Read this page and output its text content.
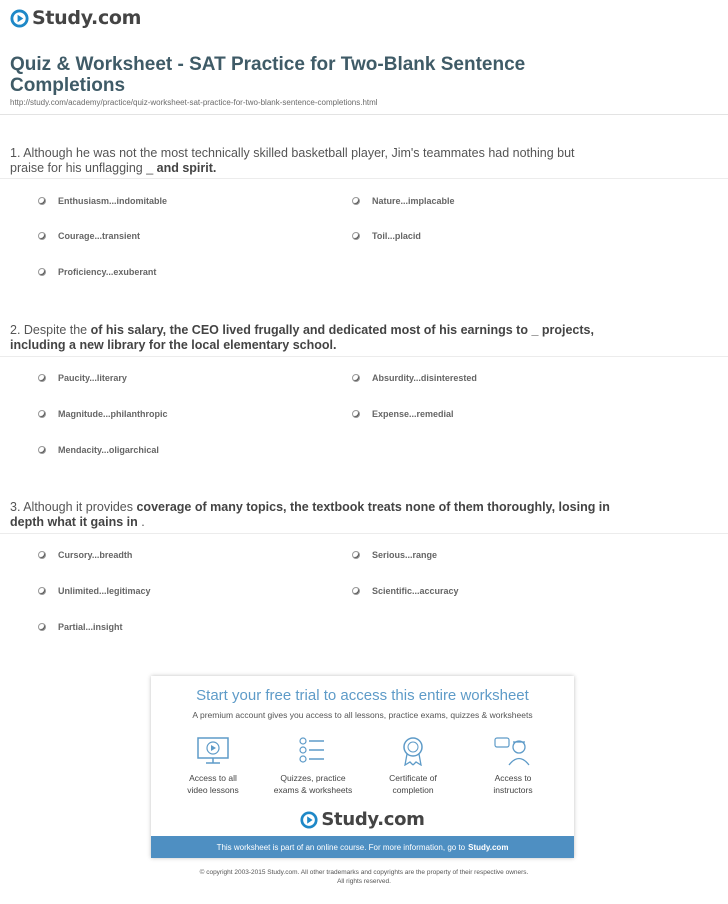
Study.com
Quiz & Worksheet - SAT Practice for Two-Blank Sentence Completions
http://study.com/academy/practice/quiz-worksheet-sat-practice-for-two-blank-sentence-completions.html
1. Although he was not the most technically skilled basketball player, Jim's teammates had nothing but praise for his unflagging _ and spirit.
Enthusiasm...indomitable	Nature...implacable
Courage...transient	Toil...placid
Proficiency...exuberant
2. Despite the of his salary, the CEO lived frugally and dedicated most of his earnings to _ projects, including a new library for the local elementary school.
Paucity...literary	Absurdity...disinterested
Magnitude...philanthropic	Expense...remedial
Mendacity...oligarchical
3. Although it provides coverage of many topics, the textbook treats none of them thoroughly, losing in depth what it gains in .
Cursory...breadth	Serious...range
Unlimited...legitimacy	Scientific...accuracy
Partial...insight
Start your free trial to access this entire worksheet
A premium account gives you access to all lessons, practice exams, quizzes & worksheets
Access to all
video lessons
Quizzes, practice
exams & worksheets
Certificate of
completion
Access to
instructors
Study.com
This worksheet is part of an online course. For more information, go to Study.com
© copyright 2003-2015 Study.com. All other trademarks and copyrights are the property of their respective owners.
All rights reserved.
